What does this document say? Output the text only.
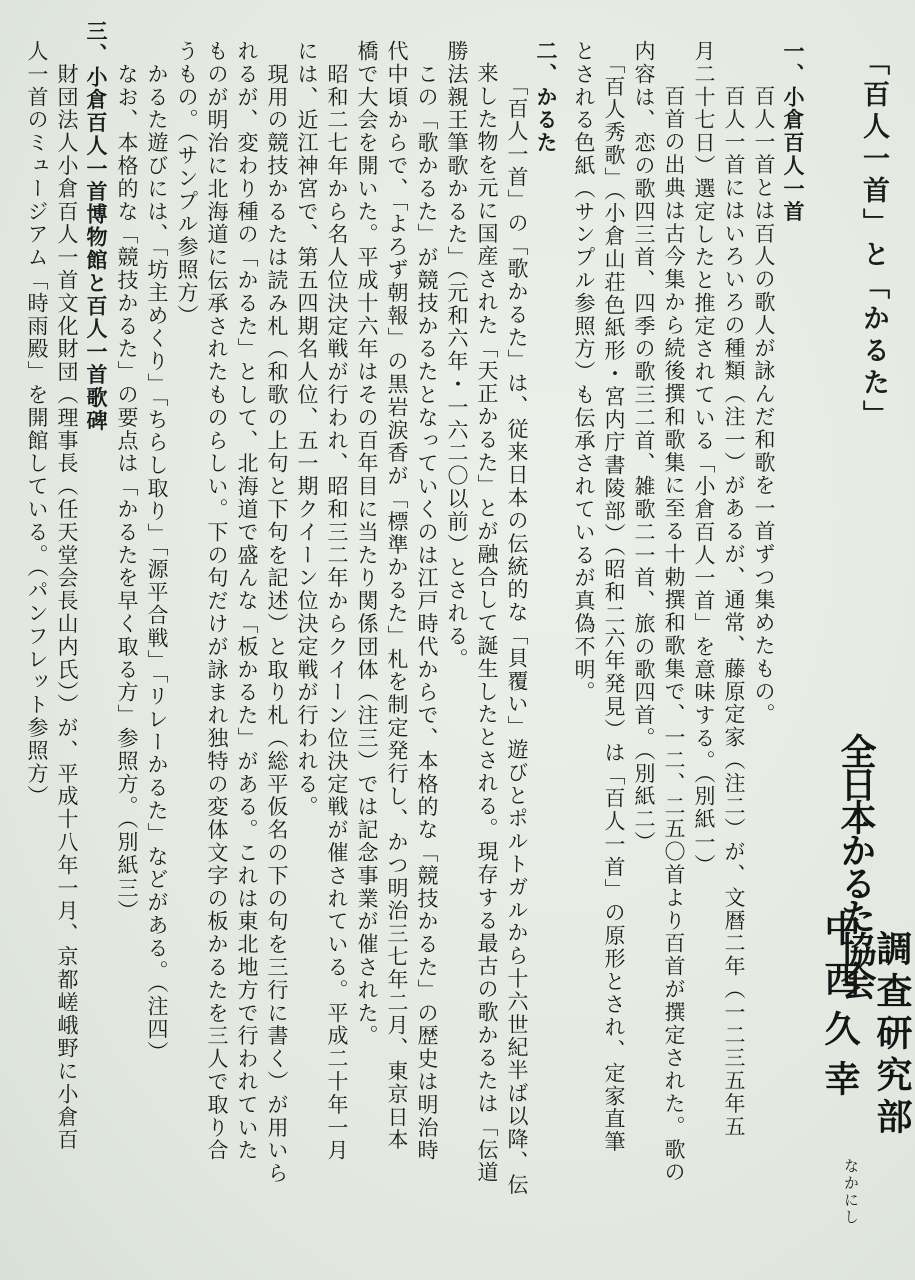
「百人一首」と「かるた」
一、小倉百人一首
　百人一首とは百人の歌人が詠んだ和歌を一首ずつ集めたもの。
　百人一首にはいろいろの種類（注一）があるが、通常、藤原定家（注二）が、文暦二年（一二三五年五
月二十七日）選定したと推定されている「小倉百人一首」を意味する。（別紙一）
　百首の出典は古今集から続後撰和歌集に至る十勅撰和歌集で、一二、二五〇首より百首が撰定された。歌の
内容は、恋の歌四三首、四季の歌三二首、雑歌二一首、旅の歌四首。（別紙二）
　「百人秀歌」（小倉山荘色紙形・宮内庁書陵部）（昭和二六年発見）は「百人一首」の原形とされ、定家直筆
とされる色紙（サンプル参照方）も伝承されているが真偽不明。
二、かるた
　「百人一首」の「歌かるた」は、従来日本の伝統的な「貝覆い」遊びとポルトガルから十六世紀半ば以降、伝
来した物を元に国産された「天正かるた」とが融合して誕生したとされる。現存する最古の歌かるたは「伝道
勝法親王筆歌かるた」（元和六年・一六二〇以前）とされる。
　この「歌かるた」が競技かるたとなっていくのは江戸時代からで、本格的な「競技かるた」の歴史は明治時
代中頃からで、「よろず朝報」の黒岩涙香が「標準かるた」札を制定発行し、かつ明治三七年二月、東京日本
橋で大会を開いた。平成十六年はその百年目に当たり関係団体（注三）では記念事業が催された。
　昭和二七年から名人位決定戦が行われ、昭和三二年からクイーン位決定戦が催されている。平成二十年一月
には、近江神宮で、第五四期名人位、五一期クイーン位決定戦が行われる。
　現用の競技かるたは読み札（和歌の上句と下句を記述）と取り札（総平仮名の下の句を三行に書く）が用いら
れるが、変わり種の「かるた」として、北海道で盛んな「板かるた」がある。これは東北地方で行われていた
ものが明治に北海道に伝承されたものらしい。下の句だけが詠まれ独特の変体文字の板かるたを三人で取り合
うもの。（サンプル参照方）
　かるた遊びには、「坊主めくり」「ちらし取り」「源平合戦」「リレーかるた」などがある。（注四）
　なお、本格的な「競技かるた」の要点は「かるたを早く取る方」参照方。（別紙三）
三、小倉百人一首博物館と百人一首歌碑
　財団法人小倉百人一首文化財団（理事長（任天堂会長山内氏））が、平成十八年一月、京都嵯峨野に小倉百
人一首のミュージアム「時雨殿」を開館している。（パンフレット参照方）
全日本かるた協会
調査研究部
中西久幸
なかにし
